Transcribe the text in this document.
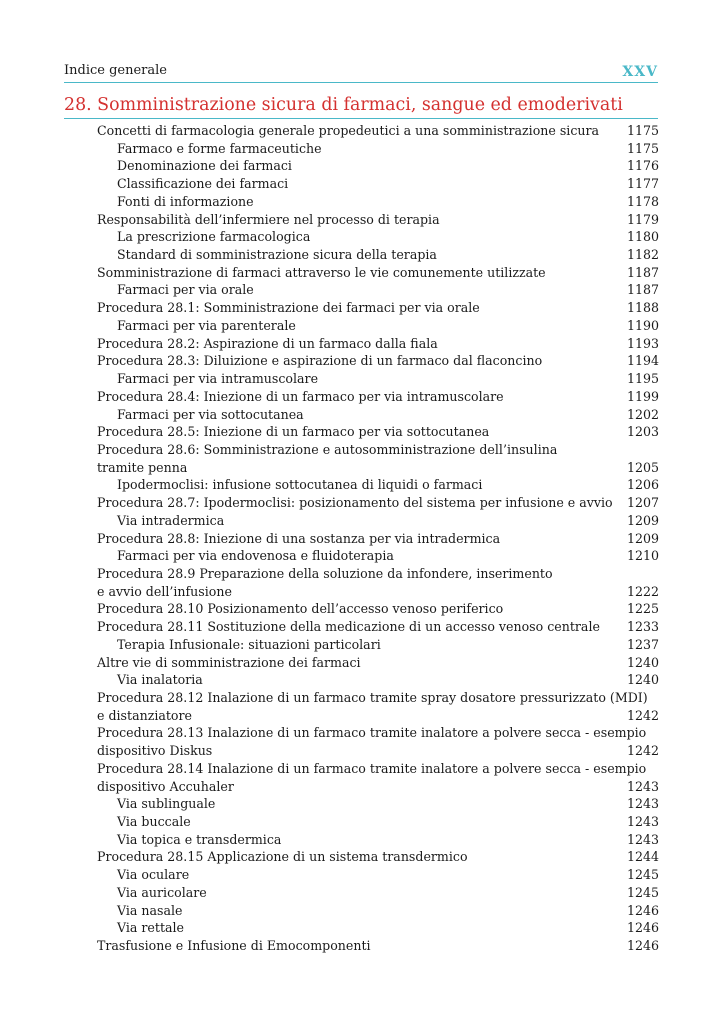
Indice generale	XXV
28. Somministrazione sicura di farmaci, sangue ed emoderivati
Concetti di farmacologia generale propedeutici a una somministrazione sicura 1175
Farmaco e forme farmaceutiche	1175
Denominazione dei farmaci	1176
Classificazione dei farmaci	1177
Fonti di informazione	1178
Responsabilità dell’infermiere nel processo di terapia	1179
La prescrizione farmacologica	1180
Standard di somministrazione sicura della terapia	1182
Somministrazione di farmaci attraverso le vie comunemente utilizzate	1187
Farmaci per via orale	1187
Procedura 28.1: Somministrazione dei farmaci per via orale	1188
Farmaci per via parenterale	1190
Procedura 28.2: Aspirazione di un farmaco dalla fiala	1193
Procedura 28.3: Diluizione e aspirazione di un farmaco dal flaconcino	1194
Farmaci per via intramuscolare	1195
Procedura 28.4: Iniezione di un farmaco per via intramuscolare	1199
Farmaci per via sottocutanea	1202
Procedura 28.5: Iniezione di un farmaco per via sottocutanea	1203
Procedura 28.6: Somministrazione e autosomministrazione dell’insulina
tramite penna	1205
Ipodermoclisi: infusione sottocutanea di liquidi o farmaci	1206
Procedura 28.7: Ipodermoclisi: posizionamento del sistema per infusione e avvio 1207
Via intradermica	1209
Procedura 28.8: Iniezione di una sostanza per via intradermica	1209
Farmaci per via endovenosa e fluidoterapia	1210
Procedura 28.9 Preparazione della soluzione da infondere, inserimento
e avvio dell’infusione	1222
Procedura 28.10 Posizionamento dell’accesso venoso periferico	1225
Procedura 28.11 Sostituzione della medicazione di un accesso venoso centrale 1233
Terapia Infusionale: situazioni particolari	1237
Altre vie di somministrazione dei farmaci	1240
Via inalatoria	1240
Procedura 28.12 Inalazione di un farmaco tramite spray dosatore pressurizzato (MDI)
e distanziatore	1242
Procedura 28.13 Inalazione di un farmaco tramite inalatore a polvere secca - esempio
dispositivo Diskus	1242
Procedura 28.14 Inalazione di un farmaco tramite inalatore a polvere secca - esempio
dispositivo Accuhaler	1243
Via sublinguale	1243
Via buccale	1243
Via topica e transdermica	1243
Procedura 28.15 Applicazione di un sistema transdermico	1244
Via oculare	1245
Via auricolare	1245
Via nasale	1246
Via rettale	1246
Trasfusione e Infusione di Emocomponenti	1246
